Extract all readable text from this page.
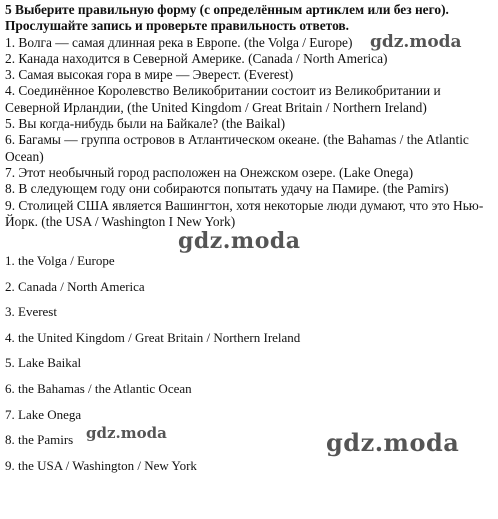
5 Выберите правильную форму (с определённым артиклем или без него). Прослушайте запись и проверьте правильность ответов.
1. Волга — самая длинная река в Европе. (the Volga / Europe)
2. Канада находится в Северной Америке. (Canada / North America)
3. Самая высокая гора в мире — Эверест. (Everest)
4. Соединённое Королевство Великобритании состоит из Великобритании и Северной Ирландии, (the United Kingdom / Great Britain / Northern Ireland)
5. Вы когда-нибудь были на Байкале? (the Baikal)
6. Багамы — группа островов в Атлантическом океане. (the Bahamas / the Atlantic Ocean)
7. Этот необычный город расположен на Онежском озере. (Lake Onega)
8. В следующем году они собираются попытать удачу на Памире. (the Pamirs)
9. Столицей США является Вашингтон, хотя некоторые люди думают, что это Нью-Йорк. (the USA / Washington I New York)
1. the Volga / Europe
2. Canada / North America
3. Everest
4. the United Kingdom / Great Britain / Northern Ireland
5. Lake Baikal
6. the Bahamas / the Atlantic Ocean
7. Lake Onega
8. the Pamirs
9. the USA / Washington / New York
gdz.moda
gdz.moda
gdz.moda	gdz.moda
